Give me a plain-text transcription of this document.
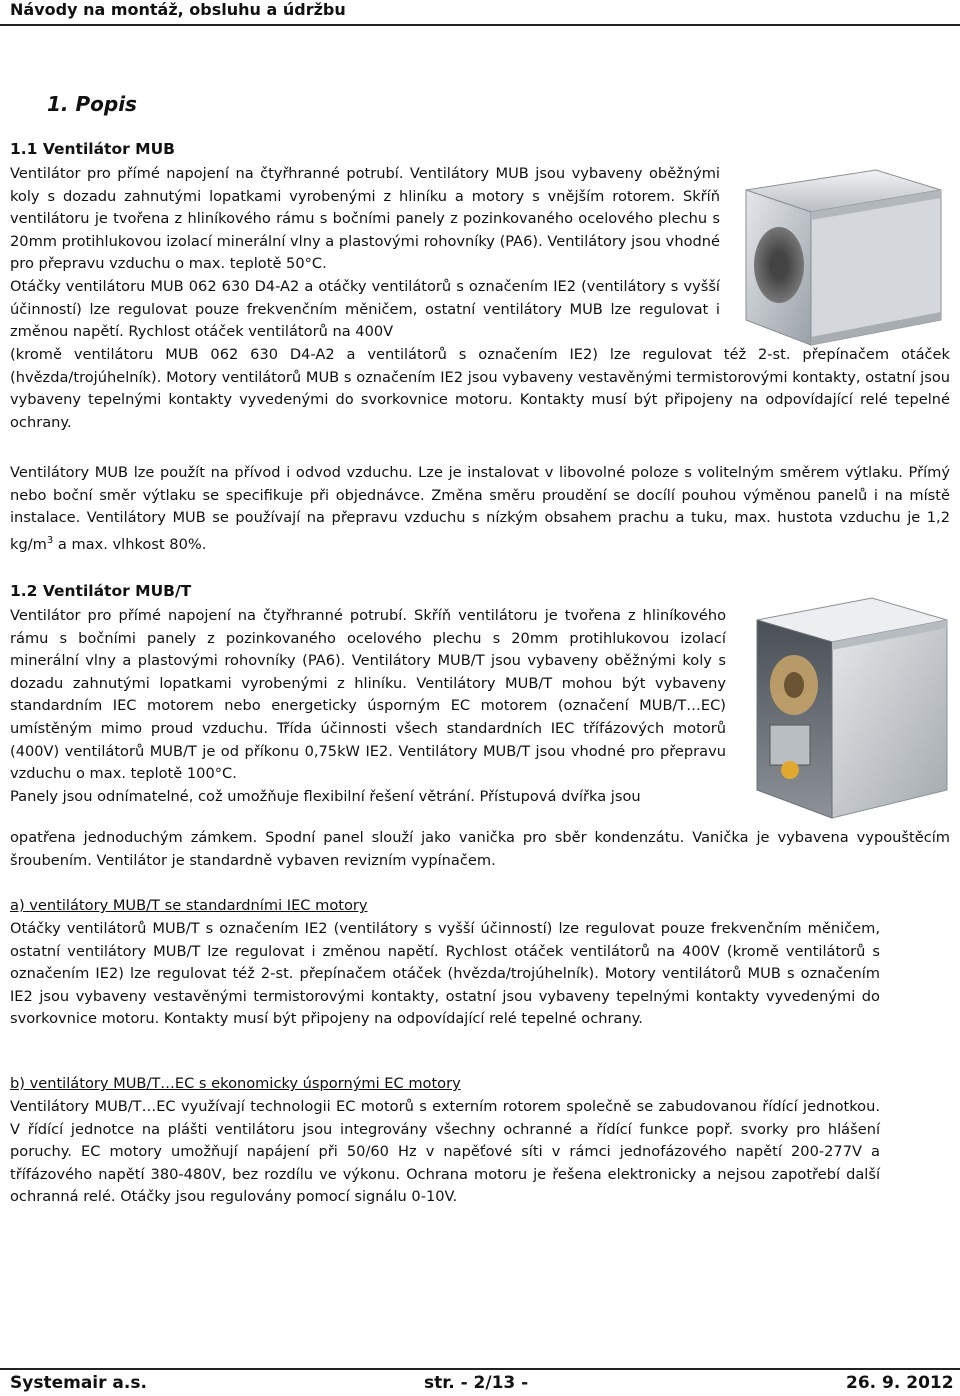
Návody na montáž, obsluhu a údržbu
1. Popis
1.1 Ventilátor MUB

Ventilátor pro přímé napojení na čtyřhranné potrubí. Ventilátory MUB jsou vybaveny oběžnými koly s dozadu zahnutými lopatkami vyrobenými z hliníku a motory s vnějším rotorem. Skříň ventilátoru je tvořena z hliníkového rámu s bočními panely z pozinkovaného ocelového plechu s 20mm protihlukovou izolací minerální vlny a plastovými rohovníky (PA6). Ventilátory jsou vhodné pro přepravu vzduchu o max. teplotě 50°C.

Otáčky ventilátoru MUB 062 630 D4-A2 a otáčky ventilátorů s označením IE2 (ventilátory s vyšší účinností) lze regulovat pouze frekvenčním měničem, ostatní ventilátory MUB lze regulovat i změnou napětí. Rychlost otáček ventilátorů na 400V

(kromě ventilátoru MUB 062 630 D4-A2 a ventilátorů s označením IE2) lze regulovat též 2-st. přepínačem otáček (hvězda/trojúhelník). Motory ventilátorů MUB s označením IE2 jsou vybaveny vestavěnými termistorovými kontakty, ostatní jsou vybaveny tepelnými kontakty vyvedenými do svorkovnice motoru. Kontakty musí být připojeny na odpovídající relé tepelné ochrany.

Ventilátory MUB lze použít na přívod i odvod vzduchu. Lze je instalovat v libovolné poloze s volitelným směrem výtlaku. Přímý nebo boční směr výtlaku se specifikuje při objednávce. Změna směru proudění se docílí pouhou výměnou panelů i na místě instalace. Ventilátory MUB se používají na přepravu vzduchu s nízkým obsahem prachu a tuku, max. hustota vzduchu je 1,2 $kg/m^3$ a max. vlhkost 80%.

1.2 Ventilátor MUB/T

Ventilátor pro přímé napojení na čtyřhranné potrubí. Skříň ventilátoru je tvořena z hliníkového rámu s bočními panely z pozinkovaného ocelového plechu s 20mm protihlukovou izolací minerální vlny a plastovými rohovníky (PA6). Ventilátory MUB/T jsou vybaveny oběžnými koly s dozadu zahnutými lopatkami vyrobenými z hliníku. Ventilátory MUB/T mohou být vybaveny standardním IEC motorem nebo energeticky úsporným EC motorem (označení MUB/T…EC) umístěným mimo proud vzduchu. Třída účinnosti všech standardních IEC třífázových motorů (400V) ventilátorů MUB/T je od příkonu 0,75kW IE2. Ventilátory MUB/T jsou vhodné pro přepravu vzduchu o max. teplotě 100°C.

Panely jsou odnímatelné, což umožňuje flexibilní řešení větrání. Přístupová dvířka jsou

opatřena jednoduchým zámkem. Spodní panel slouží jako vanička pro sběr kondenzátu. Vanička je vybavena vypouštěcím šroubením. Ventilátor je standardně vybaven revizním vypínačem.

a) ventilátory MUB/T se standardními IEC motory

Otáčky ventilátorů MUB/T s označením IE2 (ventilátory s vyšší účinností) lze regulovat pouze frekvenčním měničem, ostatní ventilátory MUB/T lze regulovat i změnou napětí. Rychlost otáček ventilátorů na 400V (kromě ventilátorů s označením IE2) lze regulovat též 2-st. přepínačem otáček (hvězda/trojúhelník). Motory ventilátorů MUB s označením IE2 jsou vybaveny vestavěnými termistorovými kontakty, ostatní jsou vybaveny tepelnými kontakty vyvedenými do svorkovnice motoru. Kontakty musí být připojeny na odpovídající relé tepelné ochrany.

b) ventilátory MUB/T…EC s ekonomicky úspornými EC motory

Ventilátory MUB/T…EC využívají technologii EC motorů s externím rotorem společně se zabudovanou řídící jednotkou. V řídící jednotce na plášti ventilátoru jsou integrovány všechny ochranné a řídící funkce popř. svorky pro hlášení poruchy. EC motory umožňují napájení při 50/60 Hz v napěťové síti v rámci jednofázového napětí 200-277V a třífázového napětí 380-480V, bez rozdílu ve výkonu. Ochrana motoru je řešena elektronicky a nejsou zapotřebí další ochranná relé. Otáčky jsou regulovány pomocí signálu 0-10V.

Systemair a.s.	str. - 2/13 -	26. 9. 2012
